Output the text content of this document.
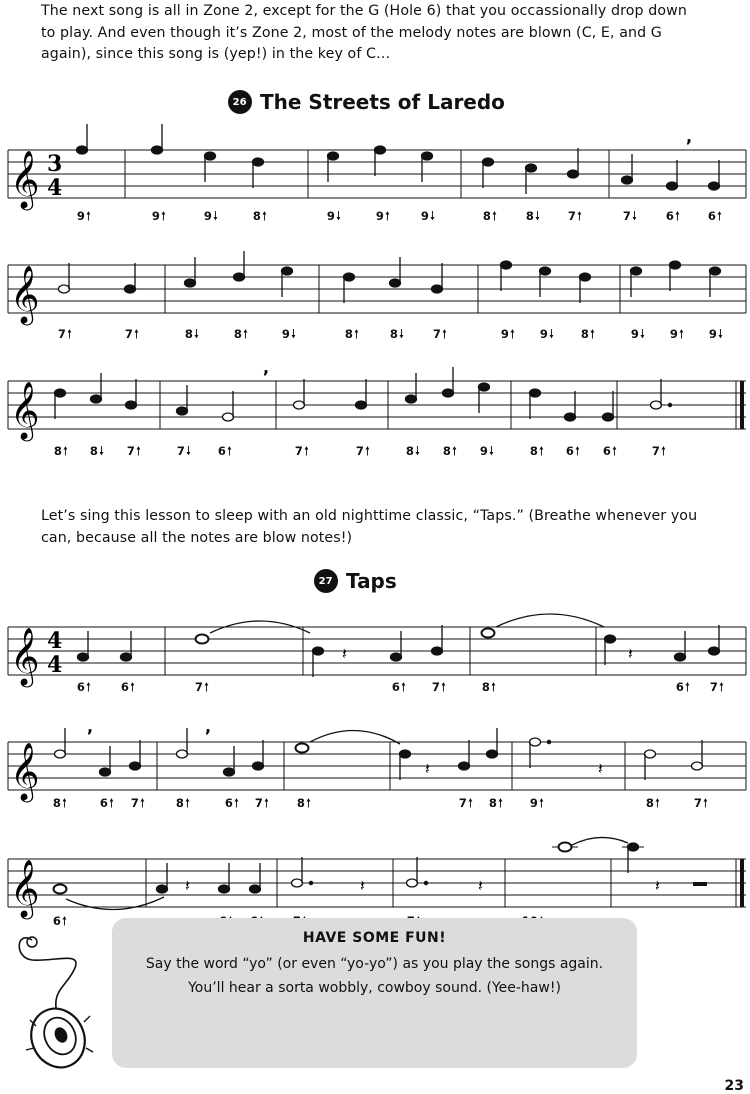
The next song is all in Zone 2, except for the G (Hole 6) that you occassionally drop down
to play. And even though it’s Zone 2, most of the melody notes are blown (C, E, and G
again), since this song is (yep!) in the key of C…
26 The Streets of Laredo
𝄞 3
4
,
9🠕	9🠕	9🠗	8🠕	9🠗	9🠕	9🠗	8🠕	8🠗 7🠕	7🠗	6🠕 6🠕
𝄞
7🠕	7🠕	8🠗	8🠕	9🠗	8🠕	8🠗	7🠕	9🠕 9🠗 8🠕	9🠗 9🠕 9🠗
𝄞
,
8🠕 8🠗 7🠕	7🠗 6🠕	7🠕	7🠕	8🠗 8🠕 9🠗	8🠕 6🠕 6🠕	7🠕
Let’s sing this lesson to sleep with an old nighttime classic, “Taps.” (Breathe whenever you
can, because all the notes are blow notes!)
27 Taps
𝄞 4
4	𝄽	𝄽
6🠕	6🠕	7🠕	6🠕 7🠕	8🠕	6🠕 7🠕
𝄞
,	,
𝄽	𝄽
8🠕	6🠕 7🠕	8🠕	6🠕 7🠕 8🠕	7🠕 8🠕 9🠕	8🠕	7🠕
𝄞	𝄽	𝄽	𝄽	𝄽
6🠕
HAVE SOME FUN!
Say the word “yo” (or even “yo-yo”) as you play the songs again.
You’ll hear a sorta wobbly, cowboy sound. (Yee-haw!)
23
